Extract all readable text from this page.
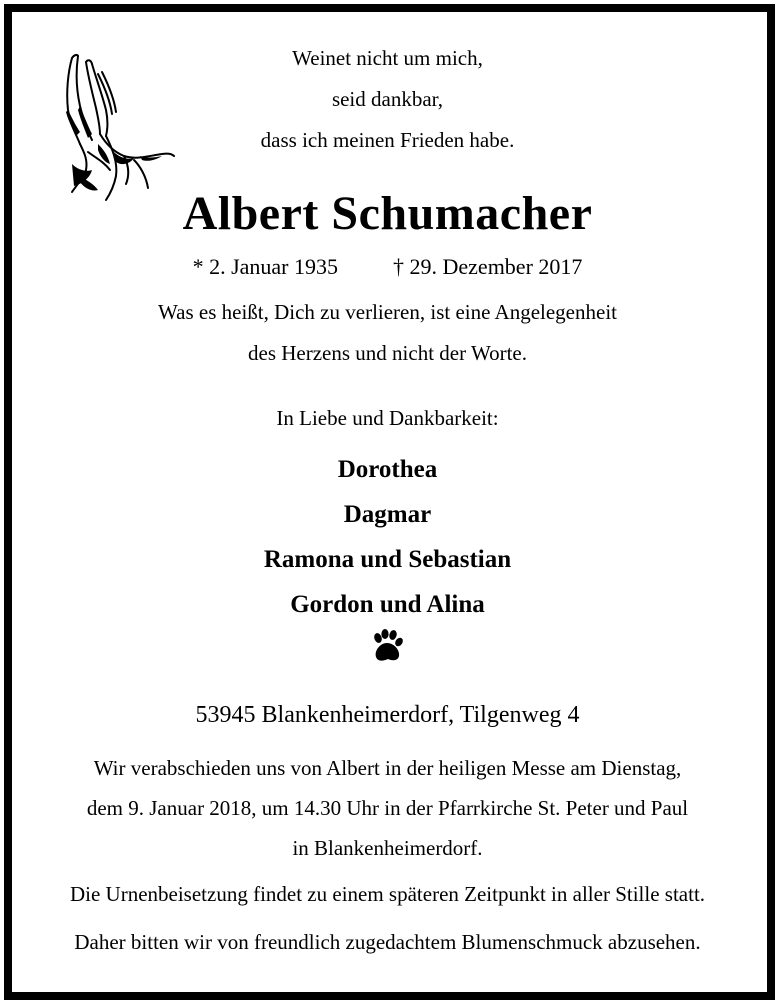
Weinet nicht um mich,
seid dankbar,
dass ich meinen Frieden habe.
Albert Schumacher
* 2. Januar 1935	† 29. Dezember 2017
Was es heißt, Dich zu verlieren, ist eine Angelegenheit
des Herzens und nicht der Worte.
In Liebe und Dankbarkeit:
Dorothea
Dagmar
Ramona und Sebastian
Gordon und Alina
53945 Blankenheimerdorf, Tilgenweg 4
Wir verabschieden uns von Albert in der heiligen Messe am Dienstag,
dem 9. Januar 2018, um 14.30 Uhr in der Pfarrkirche St. Peter und Paul
in Blankenheimerdorf.
Die Urnenbeisetzung findet zu einem späteren Zeitpunkt in aller Stille statt.
Daher bitten wir von freundlich zugedachtem Blumenschmuck abzusehen.
